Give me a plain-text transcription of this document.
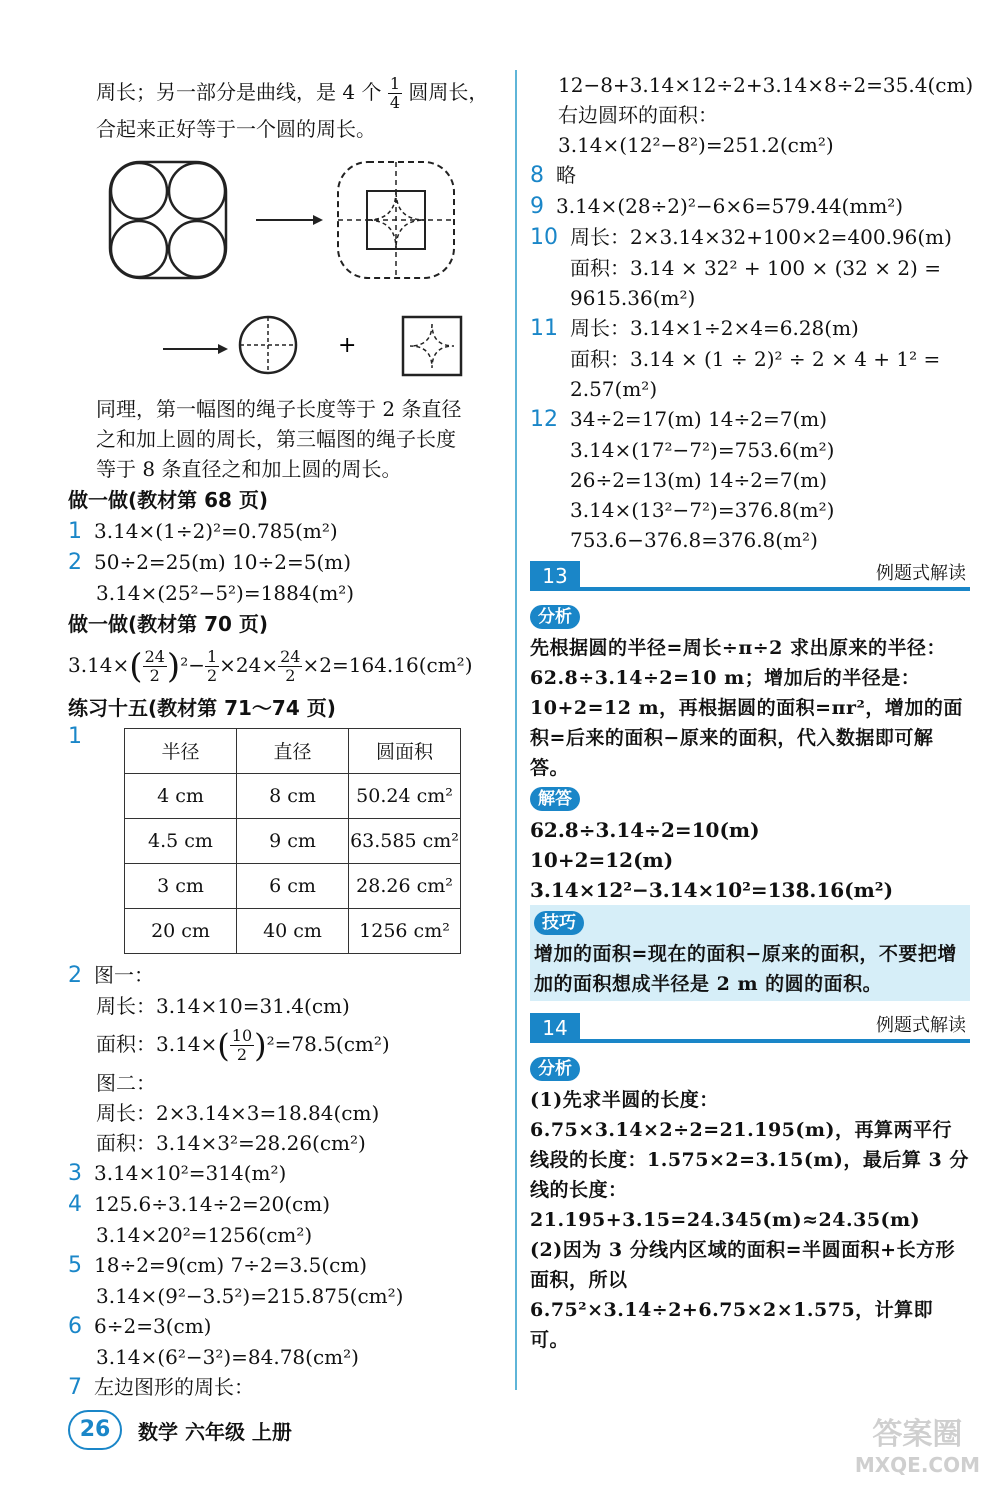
周长；另一部分是曲线，是 4 个 $\frac{1}{4}$ 圆周长，
合起来正好等于一个圆的周长。
+
同理，第一幅图的绳子长度等于 2 条直径
之和加上圆的周长，第三幅图的绳子长度
等于 8 条直径之和加上圆的周长。
做一做(教材第 68 页)
1 3.14×(1÷2)²=0.785(m²)
2 50÷2=25(m) 10÷2=5(m)
3.14×(25²−5²)=1884(m²)
做一做(教材第 70 页)
$3.14\times( \frac{24}{2} )^2- \frac{1}{2} \times 24\times \frac{24}{2} \times 2=164.16(cm^2)$
练习十五(教材第 71～74 页)
1
半径	直径	圆面积
4 cm	8 cm	50.24 cm²
4.5 cm	9 cm	63.585 cm²
3 cm	6 cm	28.26 cm²
20 cm	40 cm	1256 cm²
2 图一：
周长：3.14×10=31.4(cm)
面积：$3.14\times( \frac{10}{2} )^2=78.5(cm^2)$
图二：
周长：2×3.14×3=18.84(cm)
面积：3.14×3²=28.26(cm²)
3 3.14×10²=314(m²)
4 125.6÷3.14÷2=20(cm)
3.14×20²=1256(cm²)
5 18÷2=9(cm) 7÷2=3.5(cm)
3.14×(9²−3.5²)=215.875(cm²)
6 6÷2=3(cm)
3.14×(6²−3²)=84.78(cm²)
7 左边图形的周长：
12−8+3.14×12÷2+3.14×8÷2=35.4(cm)
右边圆环的面积：
3.14×(12²−8²)=251.2(cm²)
8 略
9 3.14×(28÷2)²−6×6=579.44(mm²)
10 周长：2×3.14×32+100×2=400.96(m)
面积：3.14 × 32² + 100 × (32 × 2) =
9615.36(m²)
11 周长：3.14×1÷2×4=6.28(m)
面积：3.14 × (1 ÷ 2)² ÷ 2 × 4 + 1² =
2.57(m²)
12 34÷2=17(m) 14÷2=7(m)
3.14×(17²−7²)=753.6(m²)
26÷2=13(m) 14÷2=7(m)
3.14×(13²−7²)=376.8(m²)
753.6−376.8=376.8(m²)
13	例题式解读
分析
先根据圆的半径=周长÷π÷2 求出原来的半径：62.8÷3.14÷2=10 m；增加后的半径是：10+2=12 m，再根据圆的面积=πr²，增加的面积=后来的面积−原来的面积，代入数据即可解答。
解答
62.8÷3.14÷2=10(m)
10+2=12(m)
3.14×12²−3.14×10²=138.16(m²)
技巧
增加的面积=现在的面积−原来的面积，不要把增加的面积想成半径是 2 m 的圆的面积。
14	例题式解读
分析
(1)先求半圆的长度：6.75×3.14×2÷2=21.195(m)，再算两平行线段的长度：1.575×2=3.15(m)，最后算 3 分线的长度：21.195+3.15=24.345(m)≈24.35(m)
(2)因为 3 分线内区域的面积=半圆面积+长方形面积，所以 6.75²×3.14÷2+6.75×2×1.575，计算即可。
26	数学 六年级 上册	答案圈
MXQE.COM
